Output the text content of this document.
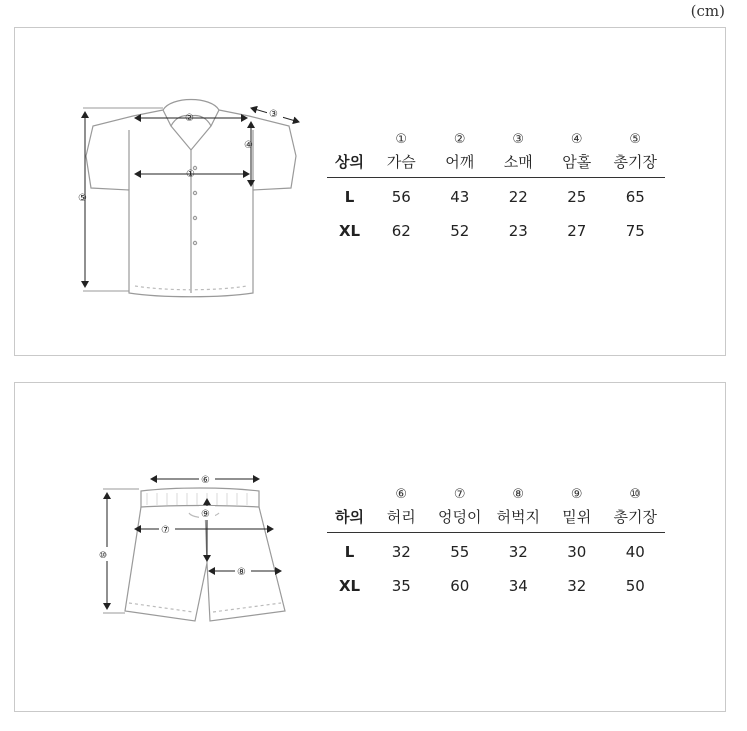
(cm)
⑤
②
①
④
③
	①	②	③	④	⑤
상의	가슴	어깨	소매	암홀	총기장
L	56	43	22	25	65
XL	62	52	23	27	75
⑥
⑦
⑨
⑧
⑩
	⑥	⑦	⑧	⑨	⑩
하의	허리	엉덩이	허벅지	밑위	총기장
L	32	55	32	30	40
XL	35	60	34	32	50
